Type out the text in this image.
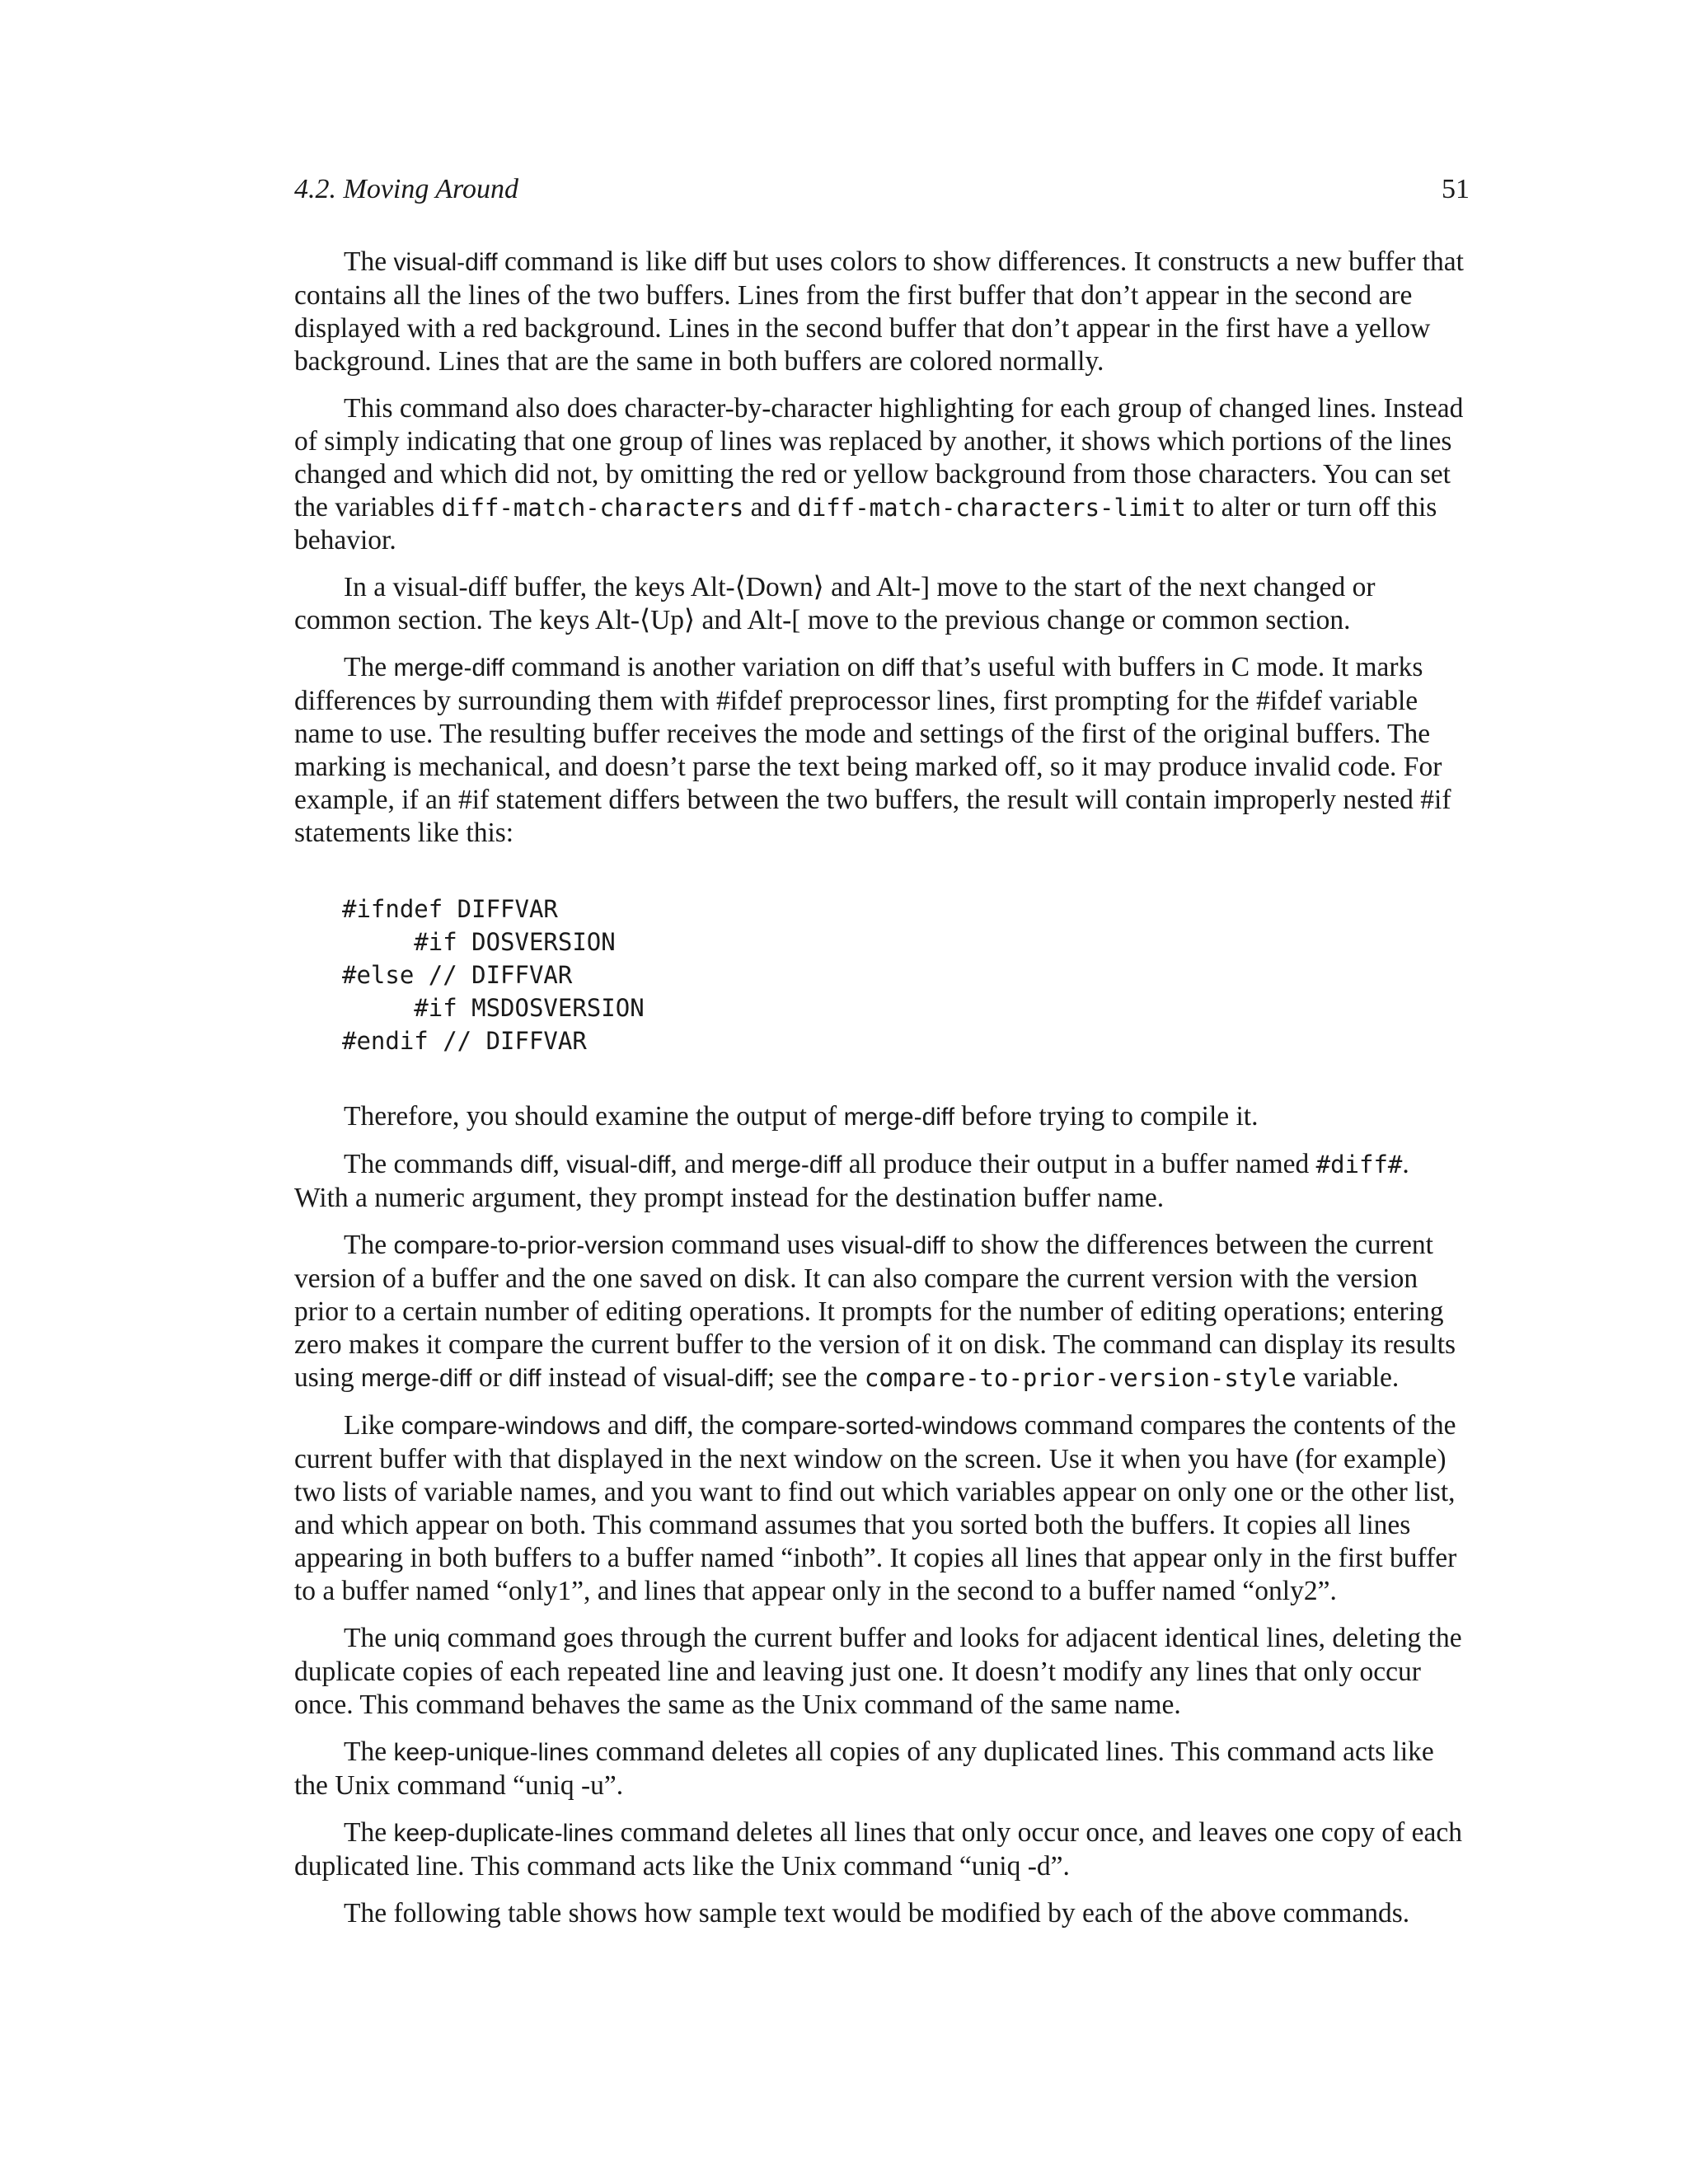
4.2. Moving Around	51

The visual-diff command is like diff but uses colors to show differences. It constructs a new buffer that contains all the lines of the two buffers. Lines from the first buffer that don’t appear in the second are displayed with a red background. Lines in the second buffer that don’t appear in the first have a yellow background. Lines that are the same in both buffers are colored normally.

This command also does character-by-character highlighting for each group of changed lines. Instead of simply indicating that one group of lines was replaced by another, it shows which portions of the lines changed and which did not, by omitting the red or yellow background from those characters. You can set the variables diff-match-characters and diff-match-characters-limit to alter or turn off this behavior.

In a visual-diff buffer, the keys Alt-⟨Down⟩ and Alt-] move to the start of the next changed or common section. The keys Alt-⟨Up⟩ and Alt-[ move to the previous change or common section.

The merge-diff command is another variation on diff that’s useful with buffers in C mode. It marks differences by surrounding them with #ifdef preprocessor lines, first prompting for the #ifdef variable name to use. The resulting buffer receives the mode and settings of the first of the original buffers. The marking is mechanical, and doesn’t parse the text being marked off, so it may produce invalid code. For example, if an #if statement differs between the two buffers, the result will contain improperly nested #if statements like this:

#ifndef DIFFVAR
#if DOSVERSION
#else // DIFFVAR
#if MSDOSVERSION
#endif // DIFFVAR

Therefore, you should examine the output of merge-diff before trying to compile it.

The commands diff, visual-diff, and merge-diff all produce their output in a buffer named #diff#. With a numeric argument, they prompt instead for the destination buffer name.

The compare-to-prior-version command uses visual-diff to show the differences between the current version of a buffer and the one saved on disk. It can also compare the current version with the version prior to a certain number of editing operations. It prompts for the number of editing operations; entering zero makes it compare the current buffer to the version of it on disk. The command can display its results using merge-diff or diff instead of visual-diff; see the compare-to-prior-version-style variable.

Like compare-windows and diff, the compare-sorted-windows command compares the contents of the current buffer with that displayed in the next window on the screen. Use it when you have (for example) two lists of variable names, and you want to find out which variables appear on only one or the other list, and which appear on both. This command assumes that you sorted both the buffers. It copies all lines appearing in both buffers to a buffer named “inboth”. It copies all lines that appear only in the first buffer to a buffer named “only1”, and lines that appear only in the second to a buffer named “only2”.

The uniq command goes through the current buffer and looks for adjacent identical lines, deleting the duplicate copies of each repeated line and leaving just one. It doesn’t modify any lines that only occur once. This command behaves the same as the Unix command of the same name.

The keep-unique-lines command deletes all copies of any duplicated lines. This command acts like the Unix command “uniq -u”.

The keep-duplicate-lines command deletes all lines that only occur once, and leaves one copy of each duplicated line. This command acts like the Unix command “uniq -d”.

The following table shows how sample text would be modified by each of the above commands.
